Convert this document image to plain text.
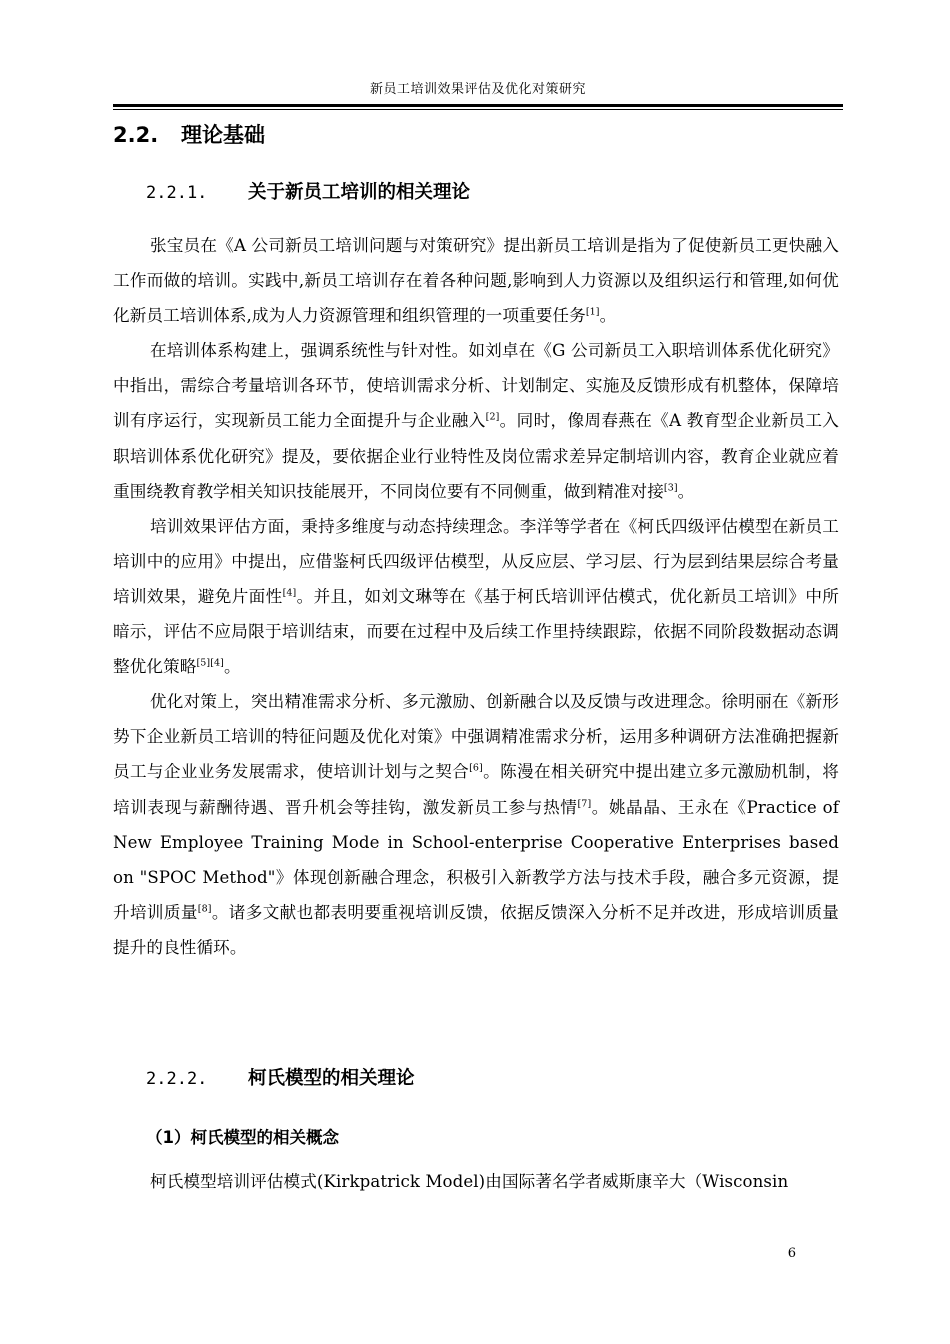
新员工培训效果评估及优化对策研究
2.2. 理论基础
2.2.1. 关于新员工培训的相关理论

张宝员在《A 公司新员工培训问题与对策研究》提出新员工培训是指为了促使新员工更快融入工作而做的培训。实践中,新员工培训存在着各种问题,影响到人力资源以及组织运行和管理,如何优化新员工培训体系,成为人力资源管理和组织管理的一项重要任务[1]。

在培训体系构建上，强调系统性与针对性。如刘卓在《G 公司新员工入职培训体系优化研究》中指出，需综合考量培训各环节，使培训需求分析、计划制定、实施及反馈形成有机整体，保障培训有序运行，实现新员工能力全面提升与企业融入[2]。同时，像周春燕在《A 教育型企业新员工入职培训体系优化研究》提及，要依据企业行业特性及岗位需求差异定制培训内容，教育企业就应着重围绕教育教学相关知识技能展开，不同岗位要有不同侧重，做到精准对接[3]。

培训效果评估方面，秉持多维度与动态持续理念。李洋等学者在《柯氏四级评估模型在新员工培训中的应用》中提出，应借鉴柯氏四级评估模型，从反应层、学习层、行为层到结果层综合考量培训效果，避免片面性[4]。并且，如刘文琳等在《基于柯氏培训评估模式，优化新员工培训》中所暗示，评估不应局限于培训结束，而要在过程中及后续工作里持续跟踪，依据不同阶段数据动态调整优化策略[5][4]。

优化对策上，突出精准需求分析、多元激励、创新融合以及反馈与改进理念。徐明丽在《新形势下企业新员工培训的特征问题及优化对策》中强调精准需求分析，运用多种调研方法准确把握新员工与企业业务发展需求，使培训计划与之契合[6]。陈漫在相关研究中提出建立多元激励机制，将培训表现与薪酬待遇、晋升机会等挂钩，激发新员工参与热情[7]。姚晶晶、王永在《Practice of New Employee Training Mode in School-enterprise Cooperative Enterprises based on "SPOC Method"》体现创新融合理念，积极引入新教学方法与技术手段，融合多元资源，提升培训质量[8]。诸多文献也都表明要重视培训反馈，依据反馈深入分析不足并改进，形成培训质量提升的良性循环。

2.2.2. 柯氏模型的相关理论
（1）柯氏模型的相关概念

柯氏模型培训评估模式(Kirkpatrick Model)由国际著名学者威斯康辛大（Wisconsin

6
